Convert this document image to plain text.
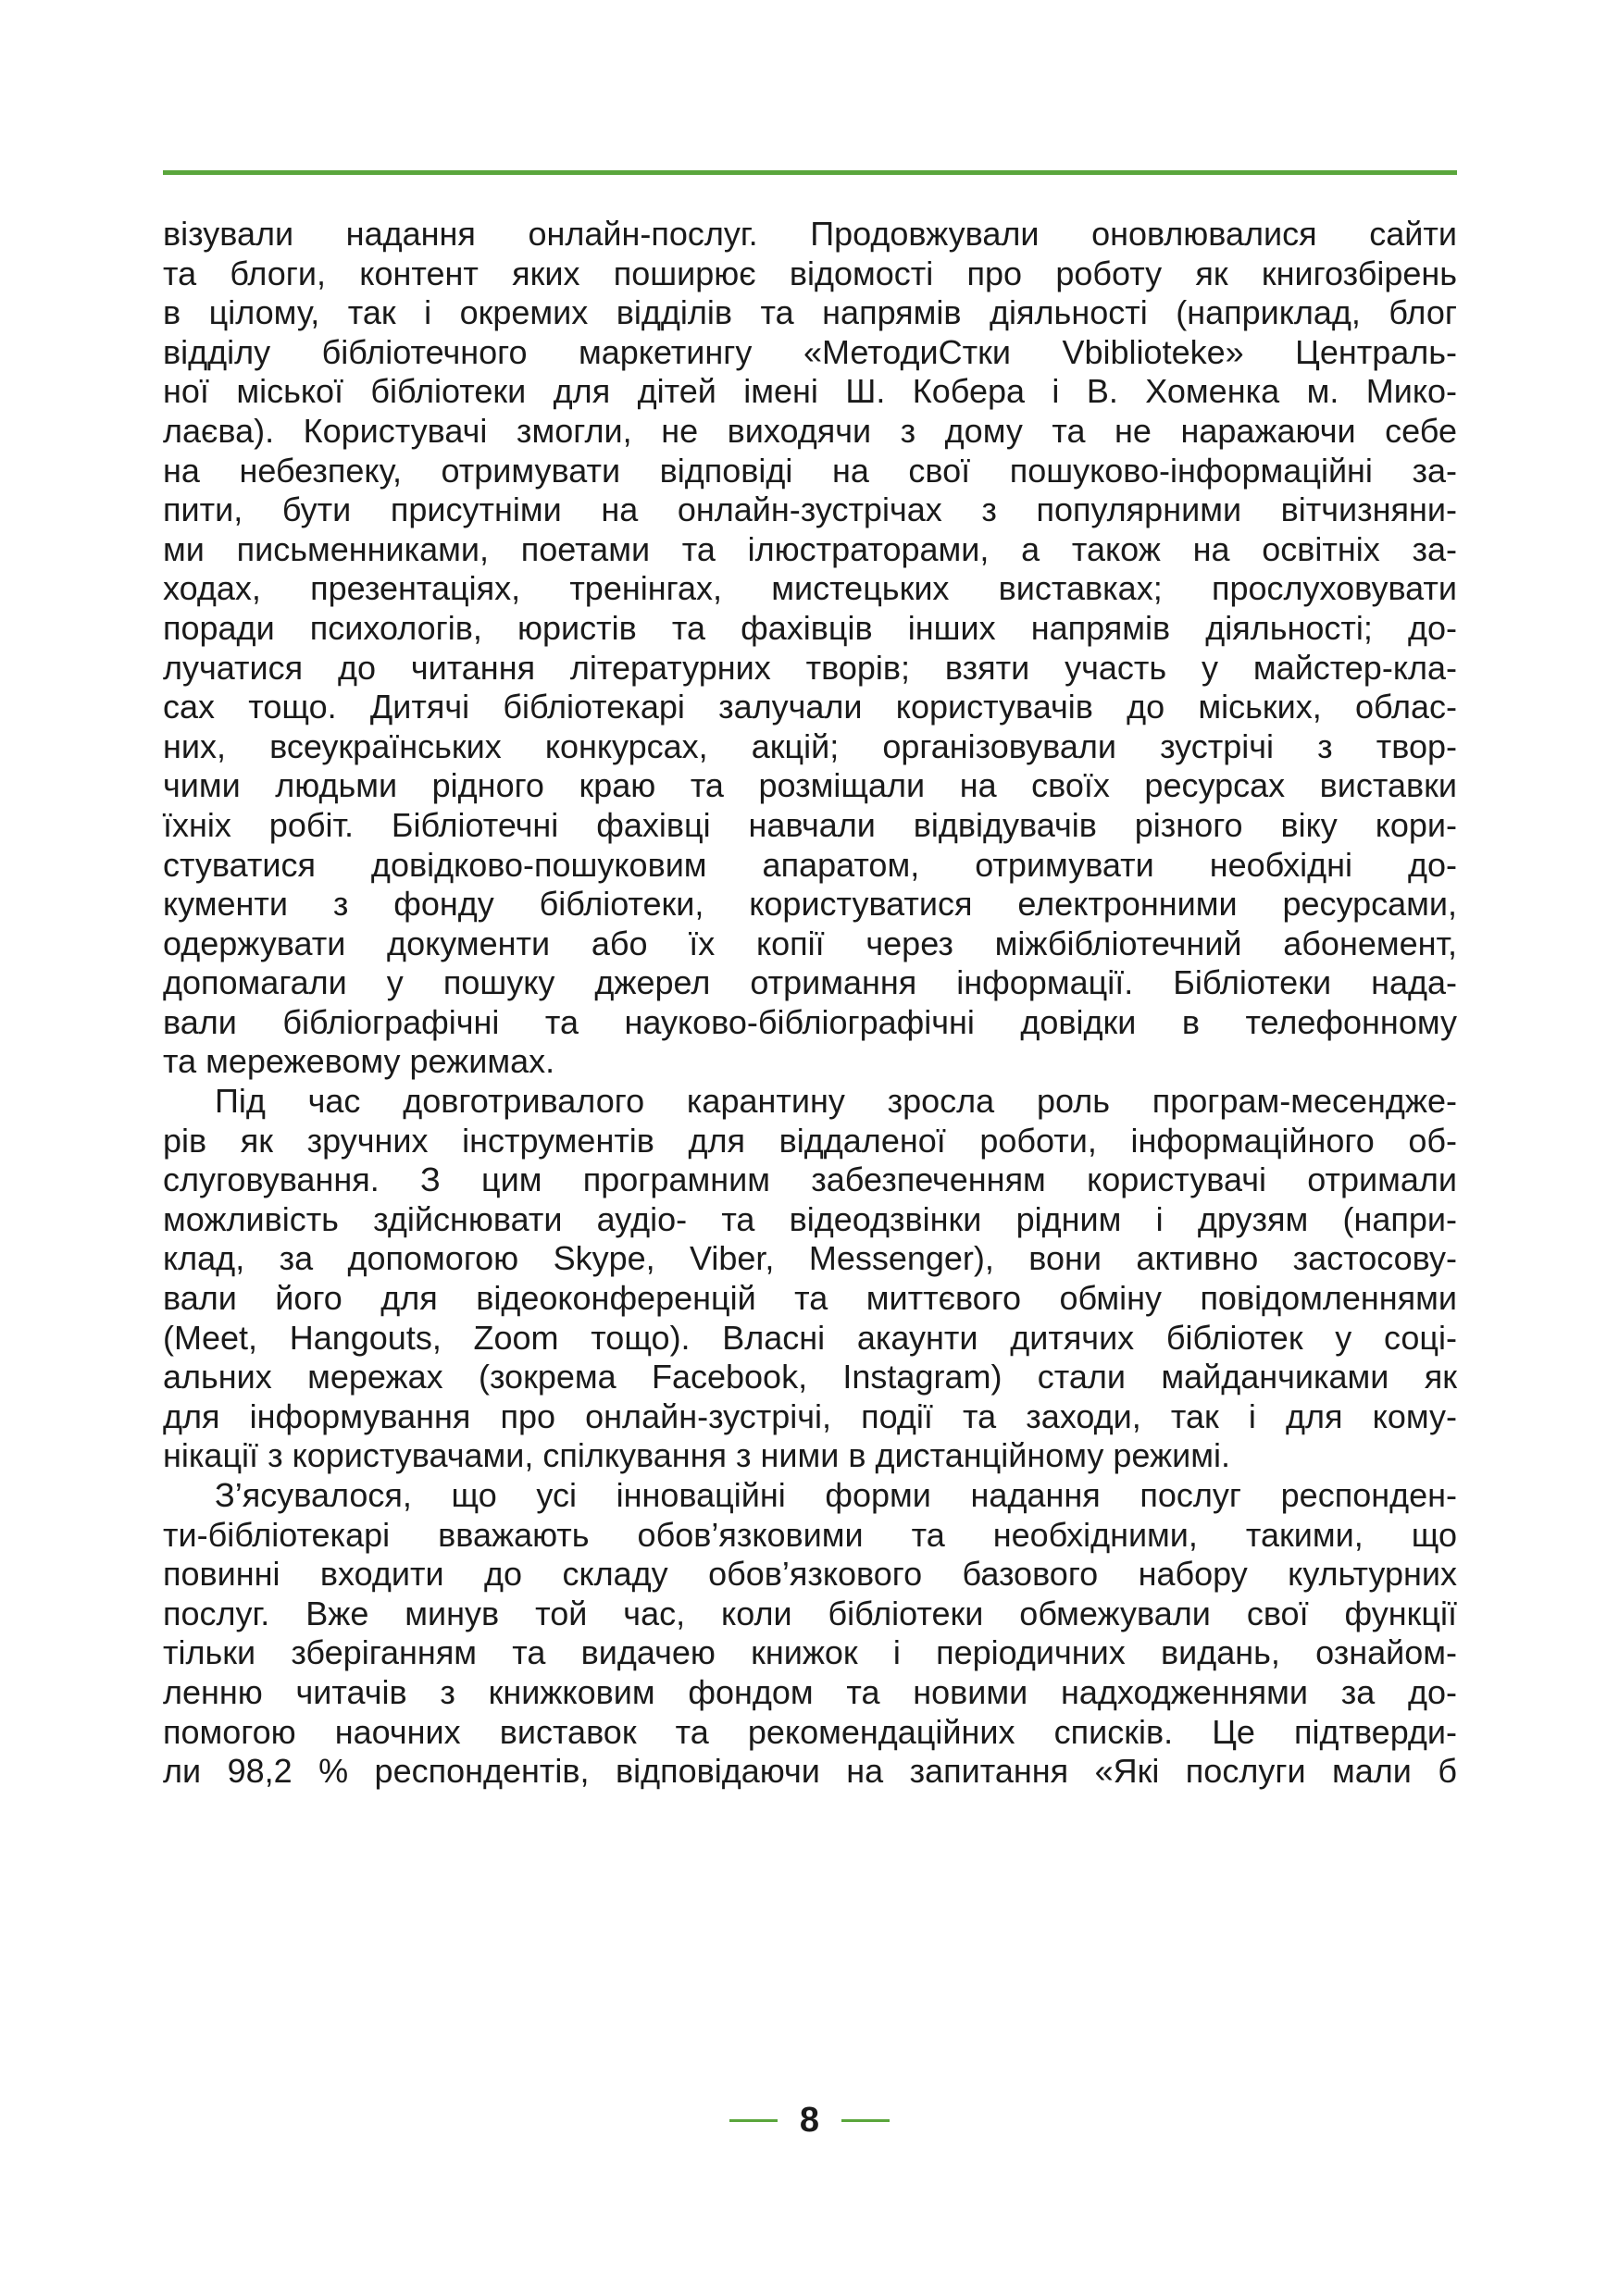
візували надання онлайн-послуг. Продовжували оновлювалися сайти
та блоги, контент яких поширює відомості про роботу як книгозбірень
в цілому, так і окремих відділів та напрямів діяльності (наприклад, блог
відділу бібліотечного маркетингу «МетодиСтки Vbiblioteke» Централь-
ної міської бібліотеки для дітей імені Ш. Кобера і В. Хоменка м. Мико-
лаєва). Користувачі змогли, не виходячи з дому та не наражаючи себе
на небезпеку, отримувати відповіді на свої пошуково-інформаційні за-
пити, бути присутніми на онлайн-зустрічах з популярними вітчизняни-
ми письменниками, поетами та ілюстраторами, а також на освітніх за-
ходах, презентаціях, тренінгах, мистецьких виставках; прослуховувати
поради психологів, юристів та фахівців інших напрямів діяльності; до-
лучатися до читання літературних творів; взяти участь у майстер-кла-
сах тощо. Дитячі бібліотекарі залучали користувачів до міських, облас-
них, всеукраїнських конкурсах, акцій; організовували зустрічі з твор-
чими людьми рідного краю та розміщали на своїх ресурсах виставки
їхніх робіт. Бібліотечні фахівці навчали відвідувачів різного віку кори-
стуватися довідково-пошуковим апаратом, отримувати необхідні до-
кументи з фонду бібліотеки, користуватися електронними ресурсами,
одержувати документи або їх копії через міжбібліотечний абонемент,
допомагали у пошуку джерел отримання інформації. Бібліотеки нада-
вали бібліографічні та науково-бібліографічні довідки в телефонному
та мережевому режимах.
Під час довготривалого карантину зросла роль програм-месендже-
рів як зручних інструментів для віддаленої роботи, інформаційного об-
слуговування. З цим програмним забезпеченням користувачі отримали
можливість здійснювати аудіо- та відеодзвінки рідним і друзям (напри-
клад, за допомогою Skype, Viber, Messenger), вони активно застосову-
вали його для відеоконференцій та миттєвого обміну повідомленнями
(Meet, Hangouts, Zoom тощо). Власні акаунти дитячих бібліотек у соці-
альних мережах (зокрема Facebook, Instagram) стали майданчиками як
для інформування про онлайн-зустрічі, події та заходи, так і для кому-
нікації з користувачами, спілкування з ними в дистанційному режимі.
З’ясувалося, що усі інноваційні форми надання послуг респонден-
ти-бібліотекарі вважають обов’язковими та необхідними, такими, що
повинні входити до складу обов’язкового базового набору культурних
послуг. Вже минув той час, коли бібліотеки обмежували свої функції
тільки зберіганням та видачею книжок і періодичних видань, ознайом-
ленню читачів з книжковим фондом та новими надходженнями за до-
помогою наочних виставок та рекомендаційних списків. Це підтверди-
ли 98,2 % респондентів, відповідаючи на запитання «Які послуги мали б
8
